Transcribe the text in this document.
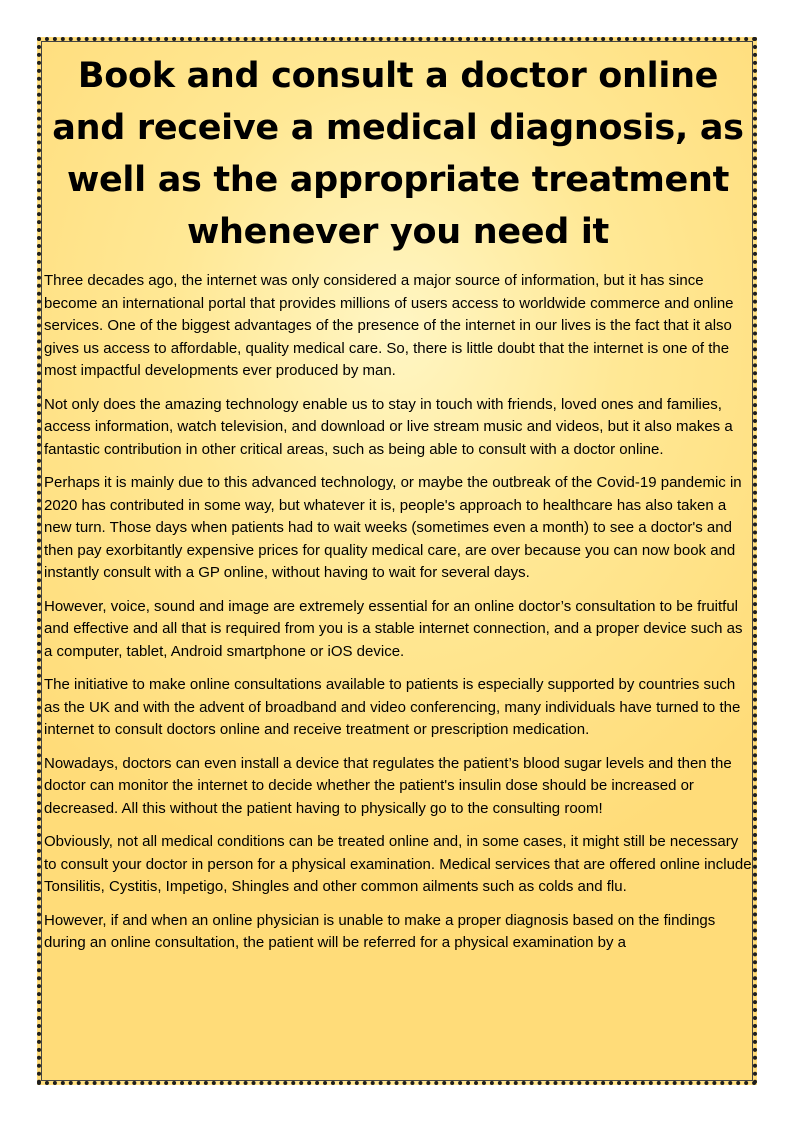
Book and consult a doctor online and receive a medical diagnosis, as well as the appropriate treatment whenever you need it

Three decades ago, the internet was only considered a major source of information, but it has since become an international portal that provides millions of users access to worldwide commerce and online services. One of the biggest advantages of the presence of the internet in our lives is the fact that it also gives us access to affordable, quality medical care. So, there is little doubt that the internet is one of the most impactful developments ever produced by man.

Not only does the amazing technology enable us to stay in touch with friends, loved ones and families, access information, watch television, and download or live stream music and videos, but it also makes a fantastic contribution in other critical areas, such as being able to consult with a doctor online.

Perhaps it is mainly due to this advanced technology, or maybe the outbreak of the Covid-19 pandemic in 2020 has contributed in some way, but whatever it is, people's approach to healthcare has also taken a new turn. Those days when patients had to wait weeks (sometimes even a month) to see a doctor's and then pay exorbitantly expensive prices for quality medical care, are over because you can now book and instantly consult with a GP online, without having to wait for several days.

However, voice, sound and image are extremely essential for an online doctor’s consultation to be fruitful and effective and all that is required from you is a stable internet connection, and a proper device such as a computer, tablet, Android smartphone or iOS device.

The initiative to make online consultations available to patients is especially supported by countries such as the UK and with the advent of broadband and video conferencing, many individuals have turned to the internet to consult doctors online and receive treatment or prescription medication.

Nowadays, doctors can even install a device that regulates the patient’s blood sugar levels and then the doctor can monitor the internet to decide whether the patient's insulin dose should be increased or decreased. All this without the patient having to physically go to the consulting room!

Obviously, not all medical conditions can be treated online and, in some cases, it might still be necessary to consult your doctor in person for a physical examination. Medical services that are offered online include Tonsilitis, Cystitis, Impetigo, Shingles and other common ailments such as colds and flu.

However, if and when an online physician is unable to make a proper diagnosis based on the findings during an online consultation, the patient will be referred for a physical examination by a
